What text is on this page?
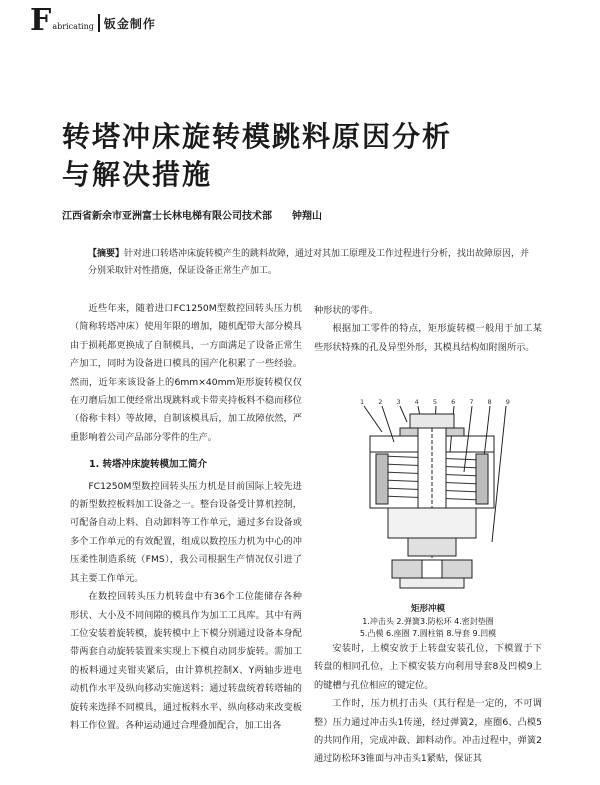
F abricating 钣金制作
转塔冲床旋转模跳料原因分析
与解决措施
江西省新余市亚洲富士长林电梯有限公司技术部 钟翔山
【摘要】针对进口转塔冲床旋转模产生的跳料故障，通过对其加工原理及工作过程进行分析，找出故障原因，并分别采取针对性措施，保证设备正常生产加工。

近些年来，随着进口FC1250M型数控回转头压力机（简称转塔冲床）使用年限的增加，随机配带大部分模具由于损耗都更换成了自制模具，一方面满足了设备正常生产加工，同时为设备进口模具的国产化积累了一些经验。然而，近年来该设备上的6mm×40mm矩形旋转模仅仅在刃磨后加工便经常出现跳料或卡带夹持板料不稳而移位（俗称卡料）等故障，自制该模具后，加工故障依然，严重影响着公司产品部分零件的生产。

1. 转塔冲床旋转模加工简介

FC1250M型数控回转头压力机是目前国际上较先进的新型数控板料加工设备之一。整台设备受计算机控制，可配备自动上料、自动卸料等工作单元，通过多台设备或多个工作单元的有效配置，组成以数控压力机为中心的冲压柔性制造系统（FMS），我公司根据生产情况仅引进了其主要工作单元。

在数控回转头压力机转盘中有36个工位能储存各种形状、大小及不同间隙的模具作为加工工具库。其中有两工位安装着旋转模，旋转模中上下模分别通过设备本身配带两套自动旋转装置来实现上下模自动同步旋转。需加工的板料通过夹钳夹紧后，由计算机控制X、Y两轴步进电动机作水平及纵向移动实施送料；通过转盘统着转塔轴的旋转来选择不同模具，通过板料水平、纵向移动来改变板料工作位置。各种运动通过合理叠加配合，加工出各

种形状的零件。

根据加工零件的特点，矩形旋转模一般用于加工某些形状特殊的孔及异型外形，其模具结构如附图所示。

1 2 3 4 5 6 7 8 9
矩形冲模
1.冲击头 2.弹簧3.防松环 4.密封垫圈
5.凸模 6.座圈 7.圆柱销 8.导套 9.凹模

安装时，上模安放于上转盘安装孔位，下模置于下转盘的相同孔位，上下模安装方向利用导套8及凹模9上的键槽与孔位相应的键定位。

工作时，压力机打击头（其行程是一定的，不可调整）压力通过冲击头1传递，经过弹簧2，座圈6、凸模5的共同作用，完成冲裁、卸料动作。冲击过程中，弹簧2通过防松环3锥面与冲击头1紧贴，保证其
